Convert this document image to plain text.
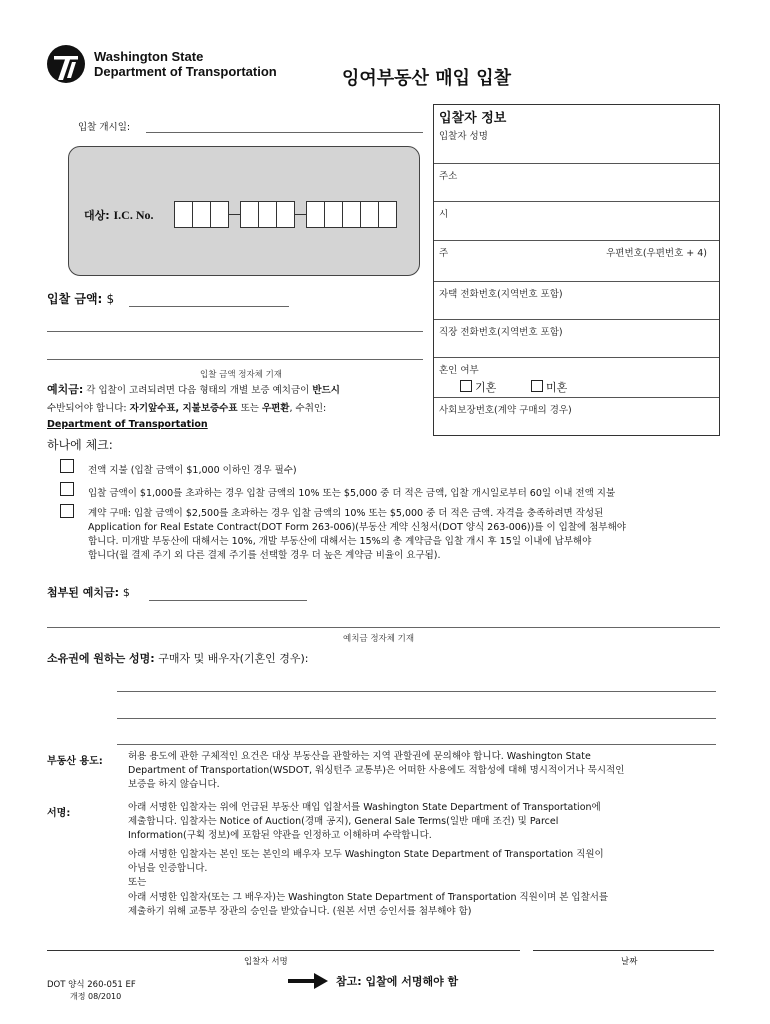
Washington State
Department of Transportation	잉여부동산 매입 입찰
입찰 개시일:
대상: I.C. No.
입찰 금액: $
입찰 금액 정자체 기재
예치금: 각 입찰이 고려되려면 다음 형태의 개별 보증 예치금이 반드시
수반되어야 합니다: 자기앞수표, 지불보증수표 또는 우편환, 수취인:
Department of Transportation
하나에 체크:
전액 지불 (입찰 금액이 $1,000 이하인 경우 필수)
입찰 금액이 $1,000를 초과하는 경우 입찰 금액의 10% 또는 $5,000 중 더 적은 금액, 입찰 개시일로부터 60일 이내 전액 지불
계약 구매: 입찰 금액이 $2,500를 초과하는 경우 입찰 금액의 10% 또는 $5,000 중 더 적은 금액. 자격을 충족하려면 작성된
Application for Real Estate Contract(DOT Form 263-006)(부동산 계약 신청서(DOT 양식 263-006))를 이 입찰에 첨부해야
합니다. 미개발 부동산에 대해서는 10%, 개발 부동산에 대해서는 15%의 총 계약금을 입찰 개시 후 15일 이내에 납부해야
합니다(월 결제 주기 외 다른 결제 주기를 선택할 경우 더 높은 계약금 비율이 요구됨).
첨부된 예치금: $
예치금 정자체 기재
소유권에 원하는 성명: 구매자 및 배우자(기혼인 경우):
부동산 용도:	허용 용도에 관한 구체적인 요건은 대상 부동산을 관할하는 지역 관할권에 문의해야 합니다. Washington State
Department of Transportation(WSDOT, 워싱턴주 교통부)은 어떠한 사용에도 적합성에 대해 명시적이거나 묵시적인
보증을 하지 않습니다.
서명:
아래 서명한 입찰자는 위에 언급된 부동산 매입 입찰서를 Washington State Department of Transportation에
제출합니다. 입찰자는 Notice of Auction(경매 공지), General Sale Terms(일반 매매 조건) 및 Parcel
Information(구획 정보)에 포함된 약관을 인정하고 이해하며 수락합니다.
아래 서명한 입찰자는 본인 또는 본인의 배우자 모두 Washington State Department of Transportation 직원이
아님을 인증합니다.
또는
아래 서명한 입찰자(또는 그 배우자)는 Washington State Department of Transportation 직원이며 본 입찰서를
제출하기 위해 교통부 장관의 승인을 받았습니다. (원본 서면 승인서를 첨부해야 함)
입찰자 서명	날짜
DOT 양식 260-051 EF
개정 08/2010
참고: 입찰에 서명해야 함
입찰자 정보
입찰자 성명
주소
시
주	우편번호(우편번호 + 4)
자택 전화번호(지역번호 포함)
직장 전화번호(지역번호 포함)
혼인 여부
기혼	미혼
사회보장번호(계약 구매의 경우)
